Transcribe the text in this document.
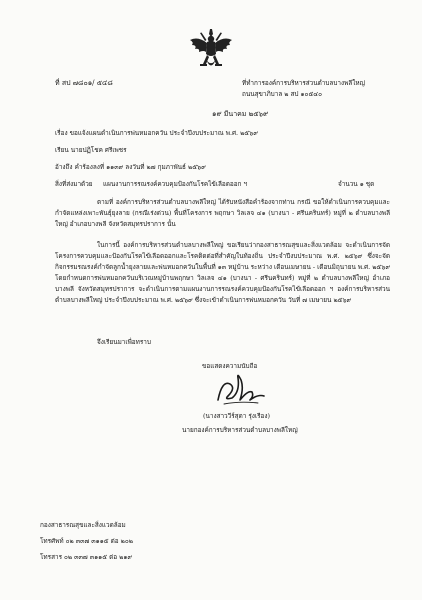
ที่ สป ๗๘๐๑/ ๕๔๘	ที่ทำการองค์การบริหารส่วนตำบลบางพลีใหญ่
ถนนสุขาภิบาล ๒ สป ๑๐๕๔๐
๑๙ มีนาคม ๒๕๖๙
เรื่อง ขอแจ้งแผนดำเนินการพ่นหมอกควัน ประจำปีงบประมาณ พ.ศ. ๒๕๖๙
เรียน นายปฏิโชค ศรีเพชร
อ้างถึง คำร้องลงที่ ๑๑๓๙ ลงวันที่ ๒๗ กุมภาพันธ์ ๒๕๖๙
สิ่งที่ส่งมาด้วย แผนงานการรณรงค์ควบคุมป้องกันโรคไข้เลือดออก ฯ	จำนวน ๑ ชุด
ตามที่ องค์การบริหารส่วนตำบลบางพลีใหญ่ ได้รับหนังสือคำร้องจากท่าน กรณี ขอให้ดำเนินการควบคุมและกำจัดแหล่งเพาะพันธุ์ยุงลาย (กรณีเร่งด่วน) พื้นที่โครงการ พฤกษา วิลเลจ ๔๑ (บางนา - ศรีนครินทร์) หมู่ที่ ๒ ตำบลบางพลีใหญ่ อำเภอบางพลี จังหวัดสมุทรปราการ นั้น
ในการนี้ องค์การบริหารส่วนตำบลบางพลีใหญ่ ขอเรียนว่ากองสาธารณสุขและสิ่งแวดล้อม จะดำเนินการจัดโครงการควบคุมและป้องกันโรคไข้เลือดออกและโรคติดต่อที่สำคัญในท้องถิ่น ประจำปีงบประมาณ พ.ศ. ๒๕๖๙ ซึ่งจะจัดกิจกรรมรณรงค์กำจัดลูกน้ำยุงลายและพ่นหมอกควันในพื้นที่ ๑๓ หมู่บ้าน ระหว่าง เดือนเมษายน - เดือนมิถุนายน พ.ศ. ๒๕๖๙ โดยกำหนดการพ่นหมอกควันบริเวณหมู่บ้านพฤกษา วิลเลจ ๔๑ (บางนา - ศรีนครินทร์) หมู่ที่ ๒ ตำบลบางพลีใหญ่ อำเภอบางพลี จังหวัดสมุทรปราการ จะดำเนินการตามแผนงานการรณรงค์ควบคุมป้องกันโรคไข้เลือดออก ฯ องค์การบริหารส่วนตำบลบางพลีใหญ่ ประจำปีงบประมาณ พ.ศ. ๒๕๖๙ ซึ่งจะเข้าดำเนินการพ่นหมอกควัน วันที่ ๗ เมษายน ๒๕๖๙
จึงเรียนมาเพื่อทราบ
ขอแสดงความนับถือ
(นางสาววีร์สุดา รุ่งเรือง)
นายกองค์การบริหารส่วนตำบลบางพลีใหญ่
กองสาธารณสุขและสิ่งแวดล้อม
โทรศัพท์ ๐๒ ๓๓๗ ๓๑๑๕ ต่อ ๒๐๒
โทรสาร ๐๒ ๓๓๗ ๓๑๑๕ ต่อ ๒๑๙
